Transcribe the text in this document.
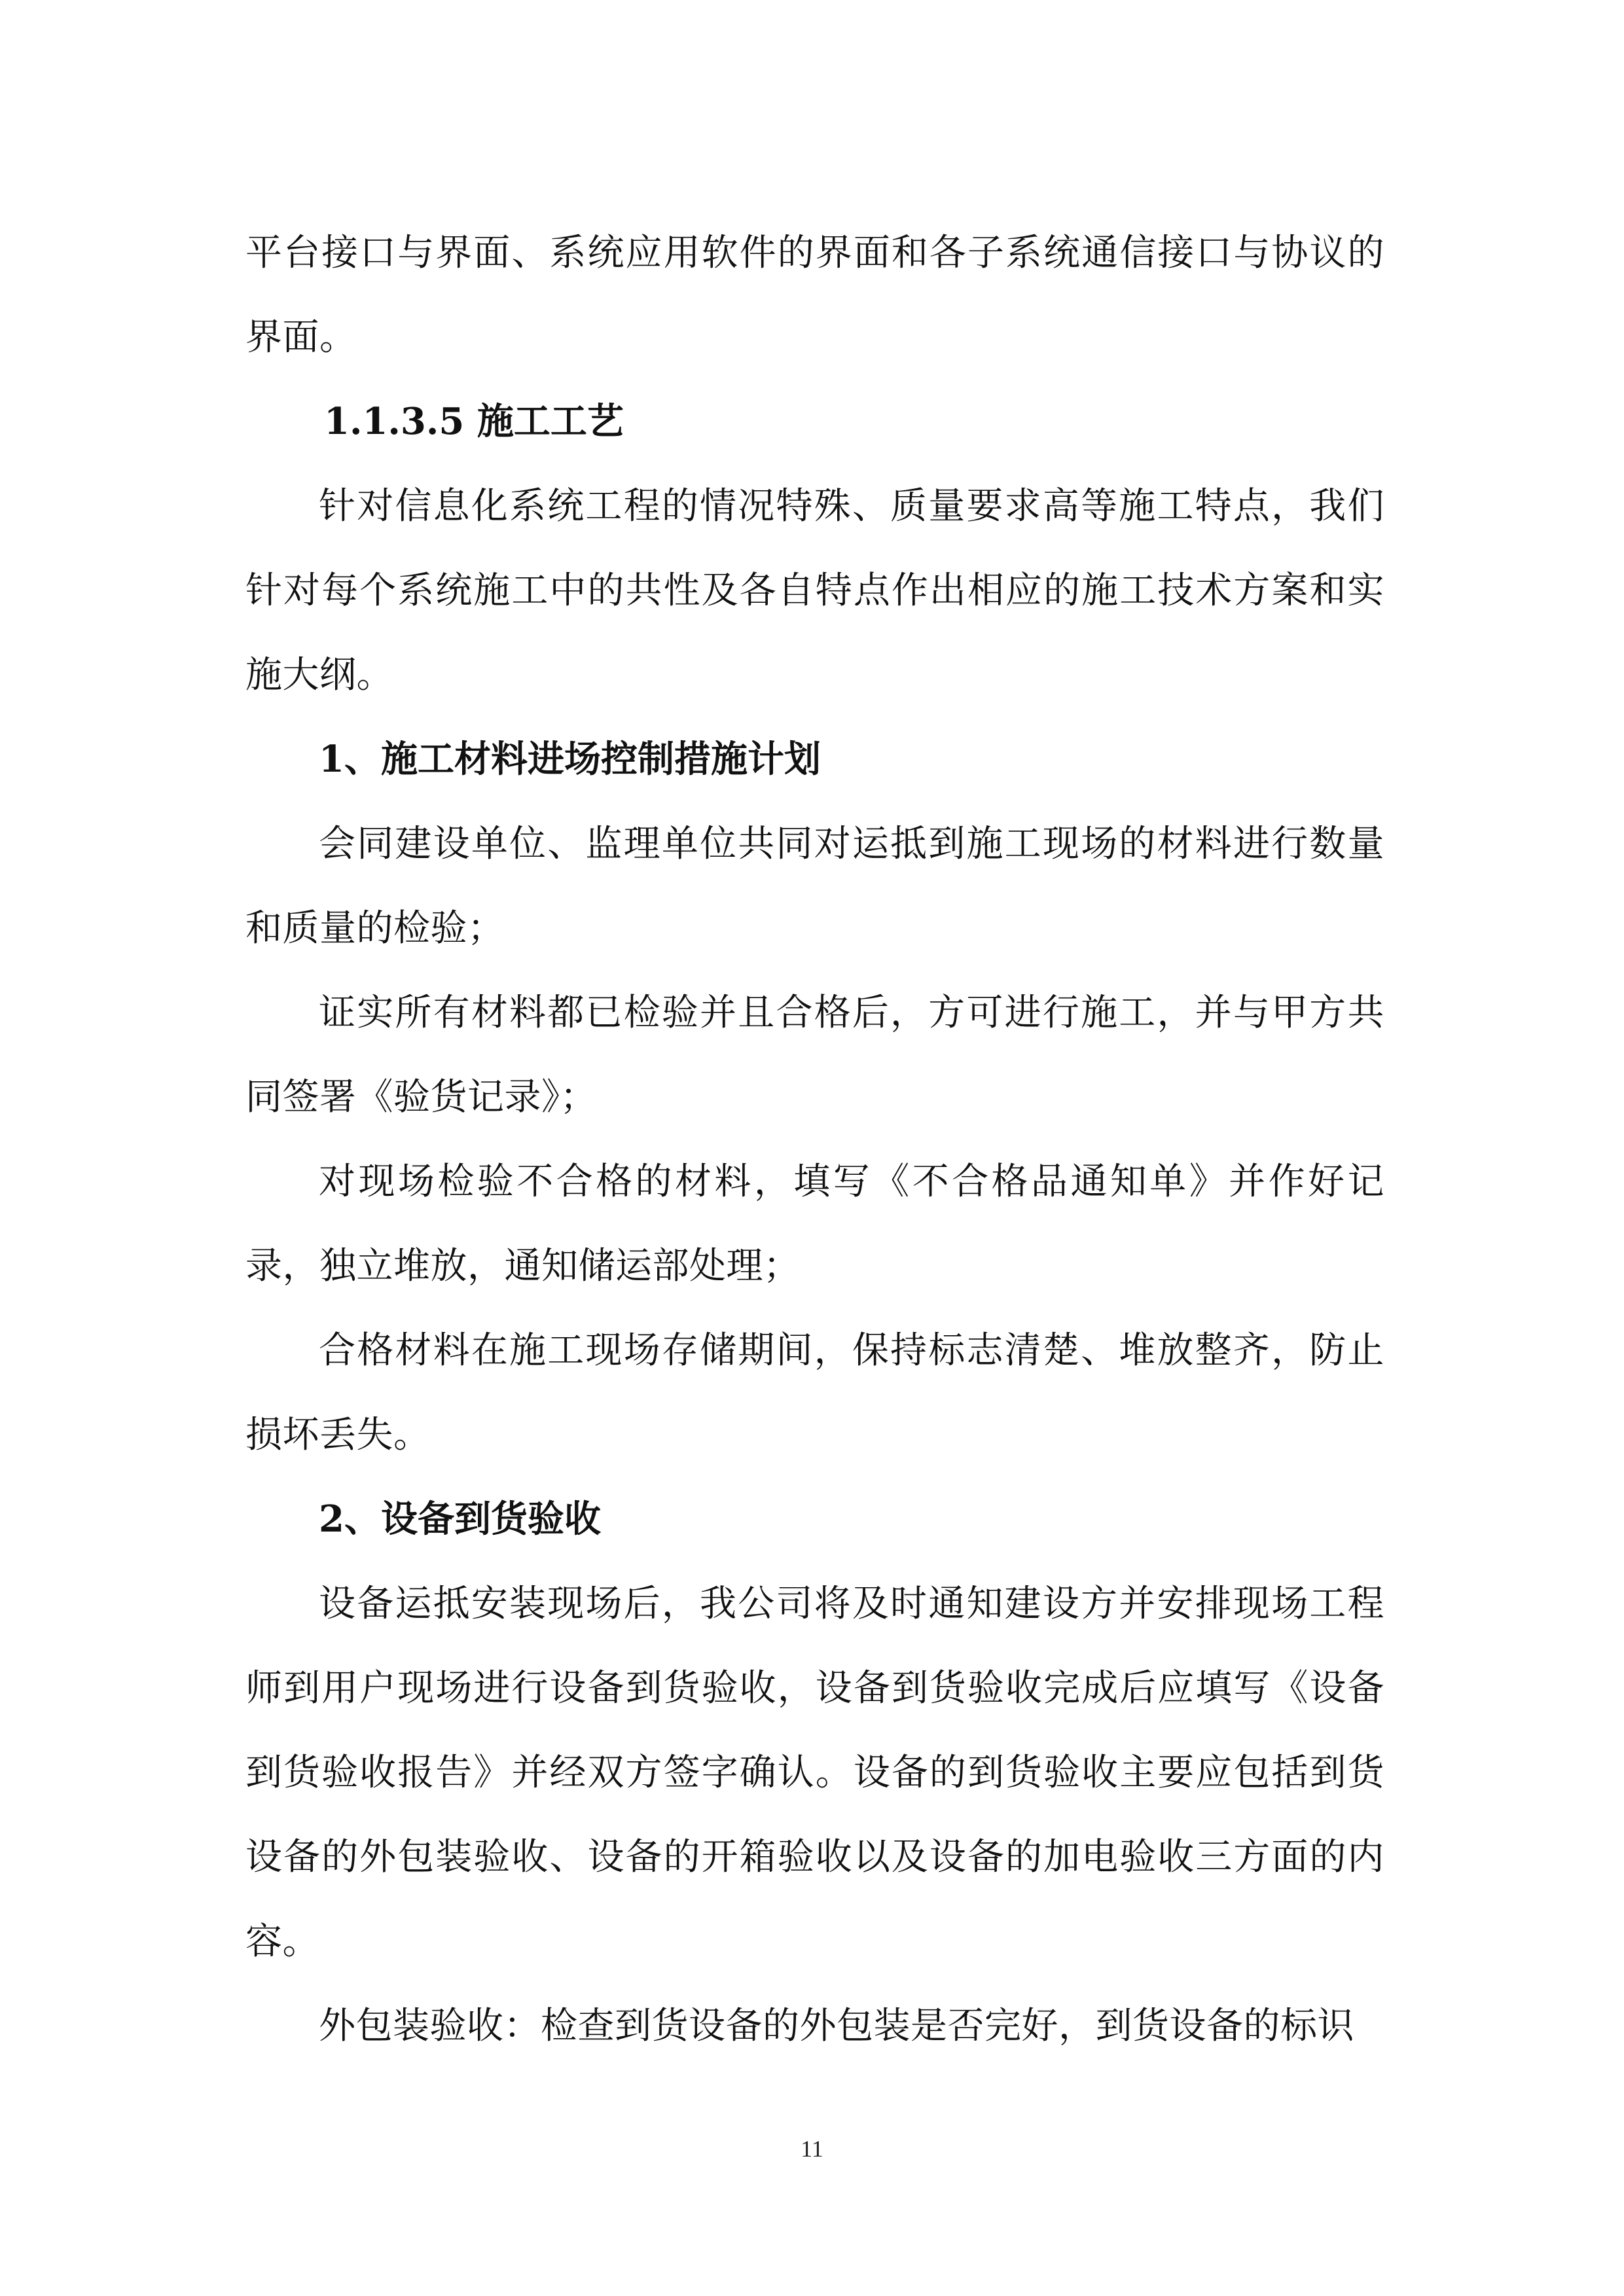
平台接口与界面、系统应用软件的界面和各子系统通信接口与协议的界面。

1.1.3.5 施工工艺

针对信息化系统工程的情况特殊、质量要求高等施工特点，我们针对每个系统施工中的共性及各自特点作出相应的施工技术方案和实施大纲。

1、施工材料进场控制措施计划

会同建设单位、监理单位共同对运抵到施工现场的材料进行数量和质量的检验；

证实所有材料都已检验并且合格后，方可进行施工，并与甲方共同签署《验货记录》；

对现场检验不合格的材料，填写《不合格品通知单》并作好记录，独立堆放，通知储运部处理；

合格材料在施工现场存储期间，保持标志清楚、堆放整齐，防止损坏丢失。

2、设备到货验收

设备运抵安装现场后，我公司将及时通知建设方并安排现场工程师到用户现场进行设备到货验收，设备到货验收完成后应填写《设备到货验收报告》并经双方签字确认。设备的到货验收主要应包括到货设备的外包装验收、设备的开箱验收以及设备的加电验收三方面的内容。

外包装验收：检查到货设备的外包装是否完好，到货设备的标识

11
